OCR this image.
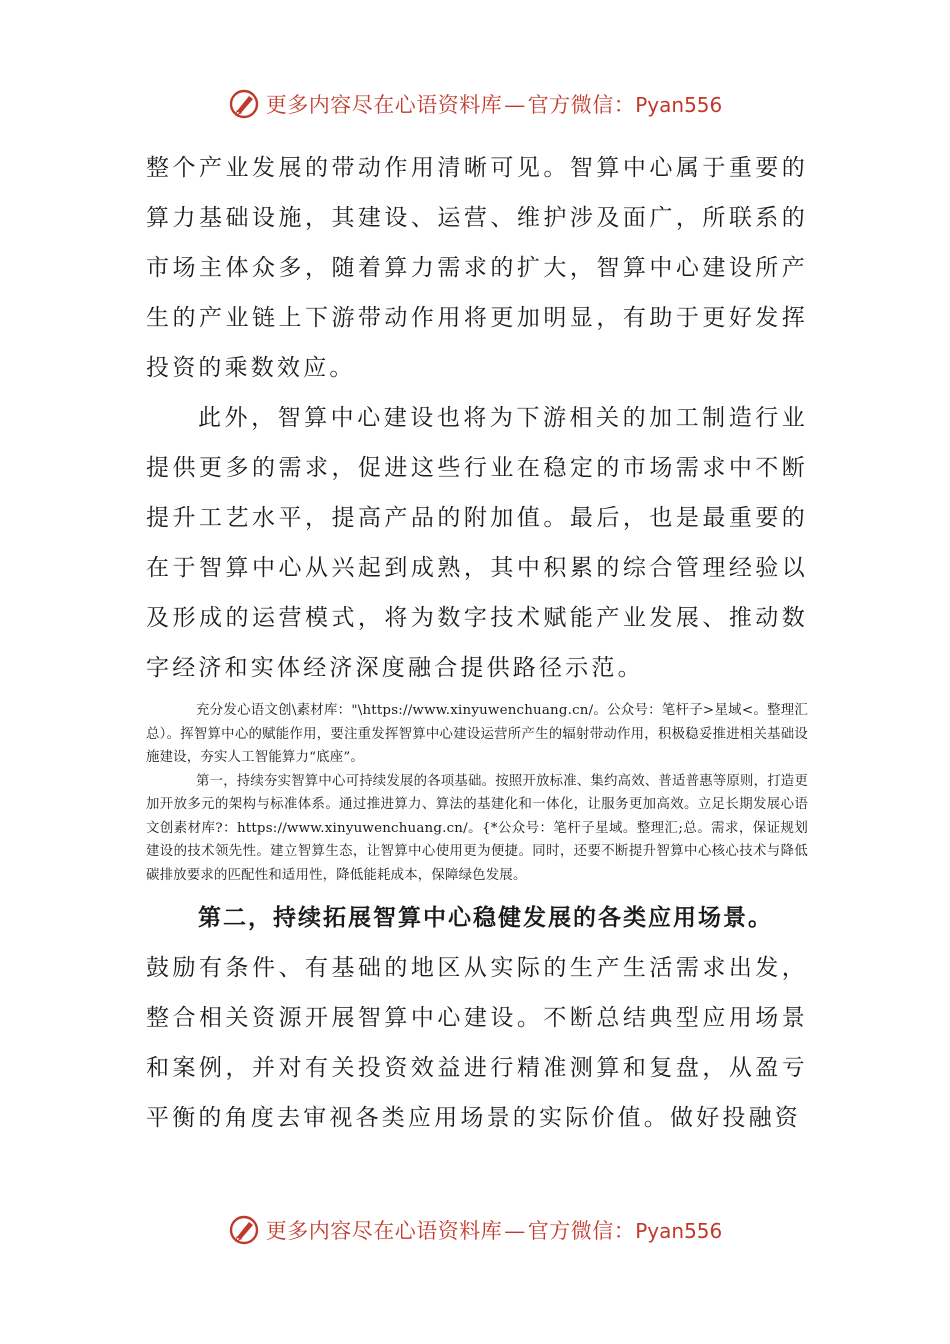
更多内容尽在心语资料库—官方微信：Pyan556

整个产业发展的带动作用清晰可见。智算中心属于重要的算力基础设施，其建设、运营、维护涉及面广，所联系的市场主体众多，随着算力需求的扩大，智算中心建设所产生的产业链上下游带动作用将更加明显，有助于更好发挥投资的乘数效应。

此外，智算中心建设也将为下游相关的加工制造行业提供更多的需求，促进这些行业在稳定的市场需求中不断提升工艺水平，提高产品的附加值。最后，也是最重要的在于智算中心从兴起到成熟，其中积累的综合管理经验以及形成的运营模式，将为数字技术赋能产业发展、推动数字经济和实体经济深度融合提供路径示范。

充分发心语文创\素材库："\https://www.xinyuwenchuang.cn/。公众号：笔杆子>星域<。整理汇总）。挥智算中心的赋能作用，要注重发挥智算中心建设运营所产生的辐射带动作用，积极稳妥推进相关基础设施建设，夯实人工智能算力“底座”。

第一，持续夯实智算中心可持续发展的各项基础。按照开放标准、集约高效、普适普惠等原则，打造更加开放多元的架构与标准体系。通过推进算力、算法的基建化和一体化，让服务更加高效。立足长期发展心语文创素材库?：https://www.xinyuwenchuang.cn/。{*公众号：笔杆子星域。整理汇;总。需求，保证规划建设的技术领先性。建立智算生态，让智算中心使用更为便捷。同时，还要不断提升智算中心核心技术与降低碳排放要求的匹配性和适用性，降低能耗成本，保障绿色发展。

第二，持续拓展智算中心稳健发展的各类应用场景。

鼓励有条件、有基础的地区从实际的生产生活需求出发，整合相关资源开展智算中心建设。不断总结典型应用场景和案例，并对有关投资效益进行精准测算和复盘，从盈亏平衡的角度去审视各类应用场景的实际价值。做好投融资

更多内容尽在心语资料库—官方微信：Pyan556
